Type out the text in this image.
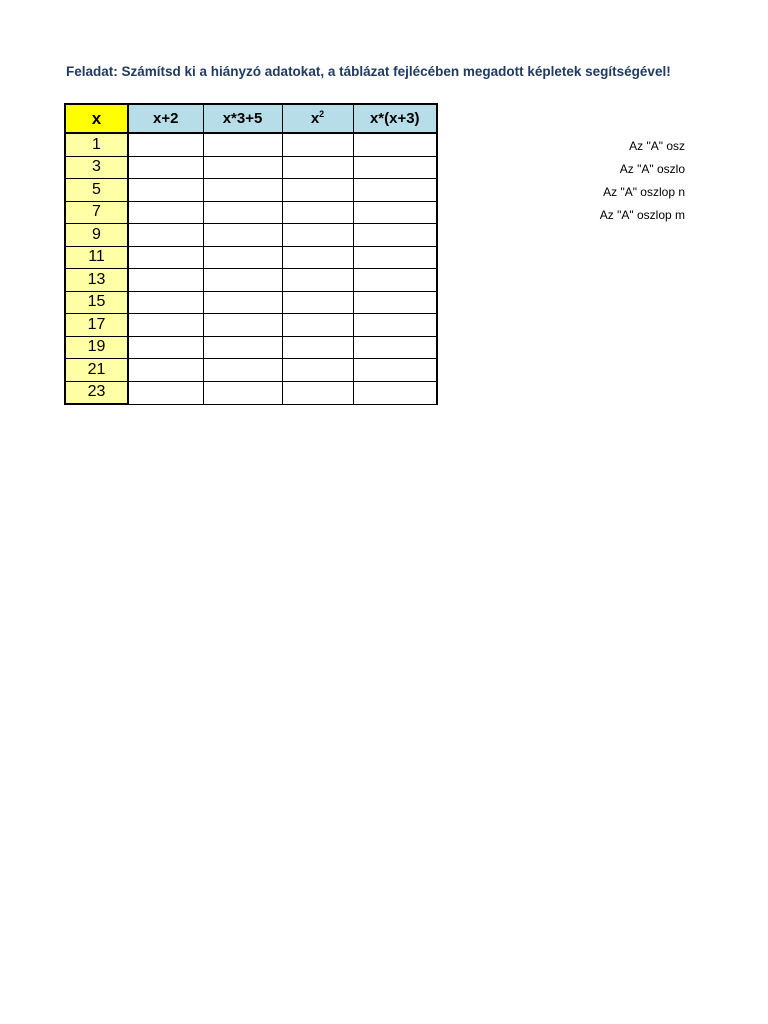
Feladat: Számítsd ki a hiányzó adatokat, a táblázat fejlécében megadott képletek segítségével!
x	x+2	x*3+5	$x^2$	x*(x+3)
1				
3				
5				
7				
9				
11				
13				
15				
17				
19				
21				
23				
Az "A" osz
Az "A" oszlo
Az "A" oszlop n
Az "A" oszlop m
